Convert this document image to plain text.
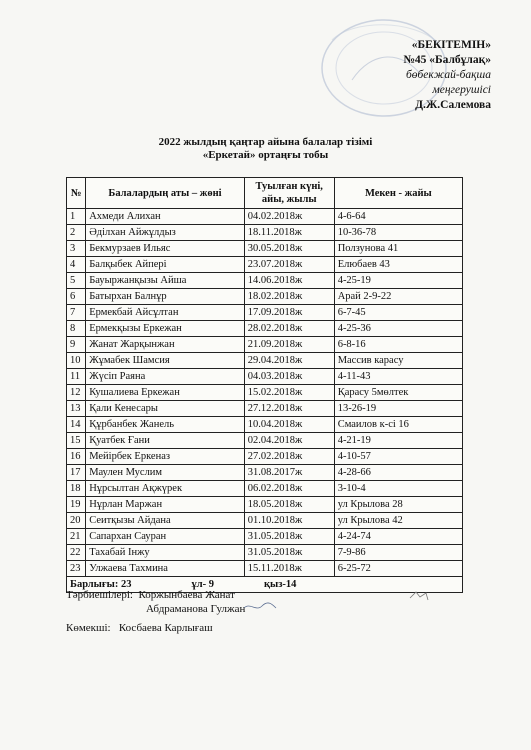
«БЕКІТЕМІН»
№45 «Балбұлақ»
бөбекжай-бақша
меңгерушісі
Д.Ж.Салемова
2022 жылдың қаңтар айына балалар тізімі
«Еркетай» ортаңғы тобы
№	Балалардың аты – жөні	Туылған күні, айы, жылы	Мекен - жайы
1	Ахмеди Алихан	04.02.2018ж	4-6-64
2	Әділхан Айжұлдыз	18.11.2018ж	10-36-78
3	Бекмурзаев Ильяс	30.05.2018ж	Ползунова 41
4	Балқыбек Айпері	23.07.2018ж	Елюбаев 43
5	Бауыржанқызы Айша	14.06.2018ж	4-25-19
6	Батырхан Балнұр	18.02.2018ж	Арай 2-9-22
7	Ермекбай Айсұлтан	17.09.2018ж	6-7-45
8	Ермекқызы Еркежан	28.02.2018ж	4-25-36
9	Жанат Жарқынжан	21.09.2018ж	6-8-16
10	Жұмабек Шамсия	29.04.2018ж	Массив карасу
11	Жүсіп Раяна	04.03.2018ж	4-11-43
12	Кушалиева Еркежан	15.02.2018ж	Қарасу 5мөлтек
13	Қали Кенесары	27.12.2018ж	13-26-19
14	Құрбанбек Жанель	10.04.2018ж	Смаилов к-сі 16
15	Қуатбек Ғани	02.04.2018ж	4-21-19
16	Мейірбек Еркеназ	27.02.2018ж	4-10-57
17	Маулен Муслим	31.08.2017ж	4-28-66
18	Нұрсылтан Ақжүрек	06.02.2018ж	3-10-4
19	Нұрлан Маржан	18.05.2018ж	ул Крылова 28
20	Сеитқызы Айдана	01.10.2018ж	ул Крылова 42
21	Сапархан Сауран	31.05.2018ж	4-24-74
22	Тахабай Інжу	31.05.2018ж	7-9-86
23	Улжаева Тахмина	15.11.2018ж	6-25-72
Барлығы: 23 ұл- 9 қыз-14			
Тәрбиешілері: Коржынбаева Жанат
Абдраманова Гулжан
Көмекші: Косбаева Карлығаш
